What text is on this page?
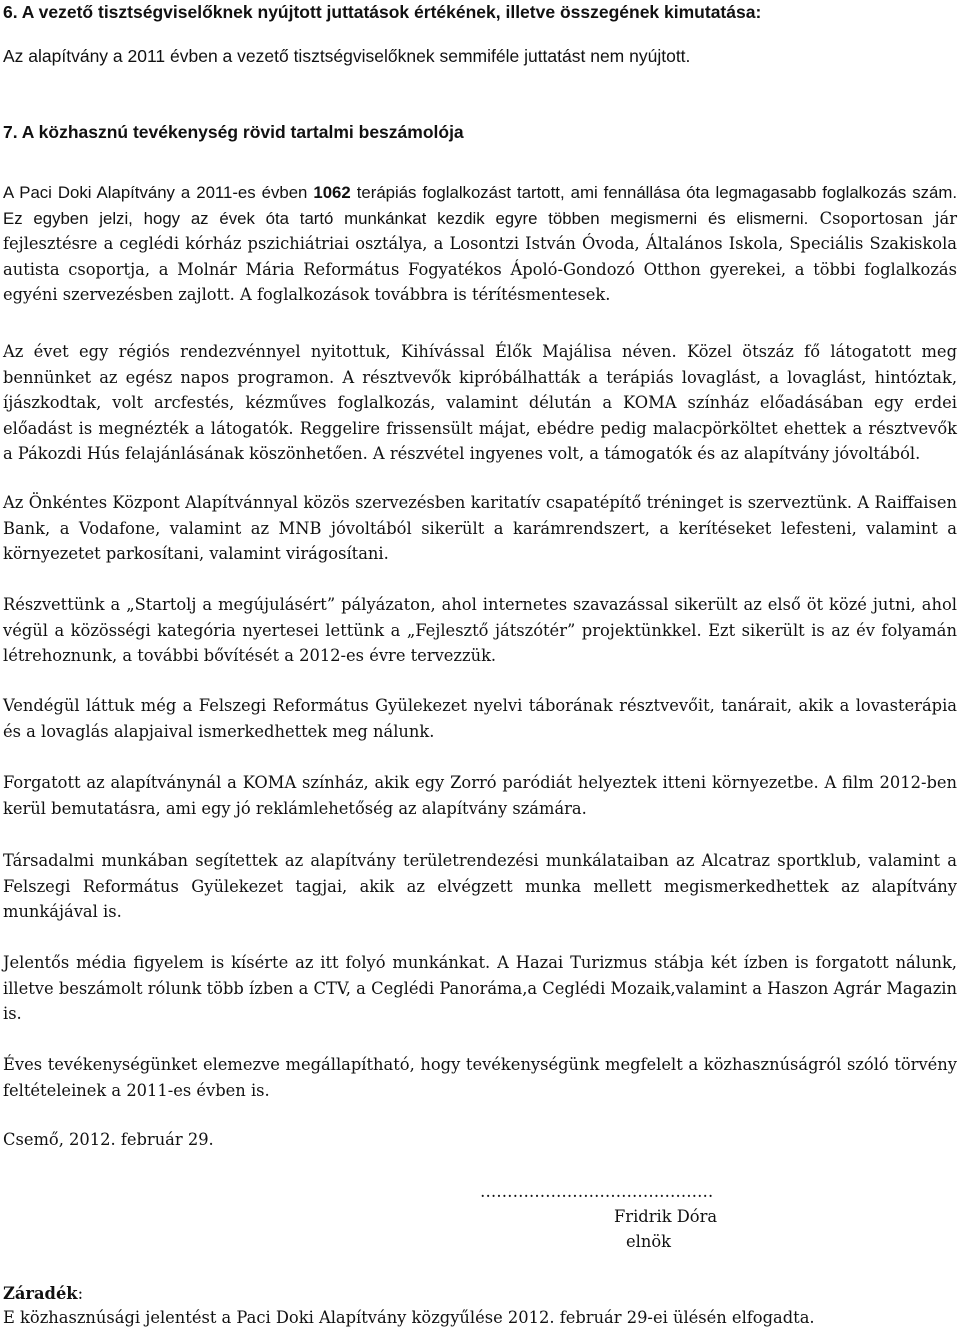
6. A vezető tisztségviselőknek nyújtott juttatások értékének, illetve összegének kimutatása:
Az alapítvány a 2011 évben a vezető tisztségviselőknek semmiféle juttatást nem nyújtott.
7. A közhasznú tevékenység rövid tartalmi beszámolója

A Paci Doki Alapítvány a 2011-es évben 1062 terápiás foglalkozást tartott, ami fennállása óta legmagasabb foglalkozás szám. Ez egyben jelzi, hogy az évek óta tartó munkánkat kezdik egyre többen megismerni és elismerni. Csoportosan jár fejlesztésre a ceglédi kórház pszichiátriai osztálya, a Losontzi István Óvoda, Általános Iskola, Speciális Szakiskola autista csoportja, a Molnár Mária Református Fogyatékos Ápoló-Gondozó Otthon gyerekei, a többi foglalkozás egyéni szervezésben zajlott. A foglalkozások továbbra is térítésmentesek.

Az évet egy régiós rendezvénnyel nyitottuk, Kihívással Élők Majálisa néven. Közel ötszáz fő látogatott meg bennünket az egész napos programon. A résztvevők kipróbálhatták a terápiás lovaglást, a lovaglást, hintóztak, íjászkodtak, volt arcfestés, kézműves foglalkozás, valamint délután a KOMA színház előadásában egy erdei előadást is megnézték a látogatók. Reggelire frissensült májat, ebédre pedig malacpörköltet ehettek a résztvevők a Pákozdi Hús felajánlásának köszönhetően. A részvétel ingyenes volt, a támogatók és az alapítvány jóvoltából.

Az Önkéntes Központ Alapítvánnyal közös szervezésben karitatív csapatépítő tréninget is szerveztünk. A Raiffaisen Bank, a Vodafone, valamint az MNB jóvoltából sikerült a karámrendszert, a kerítéseket lefesteni, valamint a környezetet parkosítani, valamint virágosítani.

Részvettünk a „Startolj a megújulásért” pályázaton, ahol internetes szavazással sikerült az első öt közé jutni, ahol végül a közösségi kategória nyertesei lettünk a „Fejlesztő játszótér” projektünkkel. Ezt sikerült is az év folyamán létrehoznunk, a további bővítését a 2012-es évre tervezzük.

Vendégül láttuk még a Felszegi Református Gyülekezet nyelvi táborának résztvevőit, tanárait, akik a lovasterápia és a lovaglás alapjaival ismerkedhettek meg nálunk.

Forgatott az alapítványnál a KOMA színház, akik egy Zorró paródiát helyeztek itteni környezetbe. A film 2012-ben kerül bemutatásra, ami egy jó reklámlehetőség az alapítvány számára.

Társadalmi munkában segítettek az alapítvány területrendezési munkálataiban az Alcatraz sportklub, valamint a Felszegi Református Gyülekezet tagjai, akik az elvégzett munka mellett megismerkedhettek az alapítvány munkájával is.

Jelentős média figyelem is kísérte az itt folyó munkánkat. A Hazai Turizmus stábja két ízben is forgatott nálunk, illetve beszámolt rólunk több ízben a CTV, a Ceglédi Panoráma,a Ceglédi Mozaik,valamint a Haszon Agrár Magazin is.

Éves tevékenységünket elemezve megállapítható, hogy tevékenységünk megfelelt a közhasznúságról szóló törvény feltételeinek a 2011-es évben is.

Csemő, 2012. február 29.
…………………………………….
Fridrik Dóra
elnök
Záradék:
E közhasznúsági jelentést a Paci Doki Alapítvány közgyűlése 2012. február 29-ei ülésén elfogadta.
